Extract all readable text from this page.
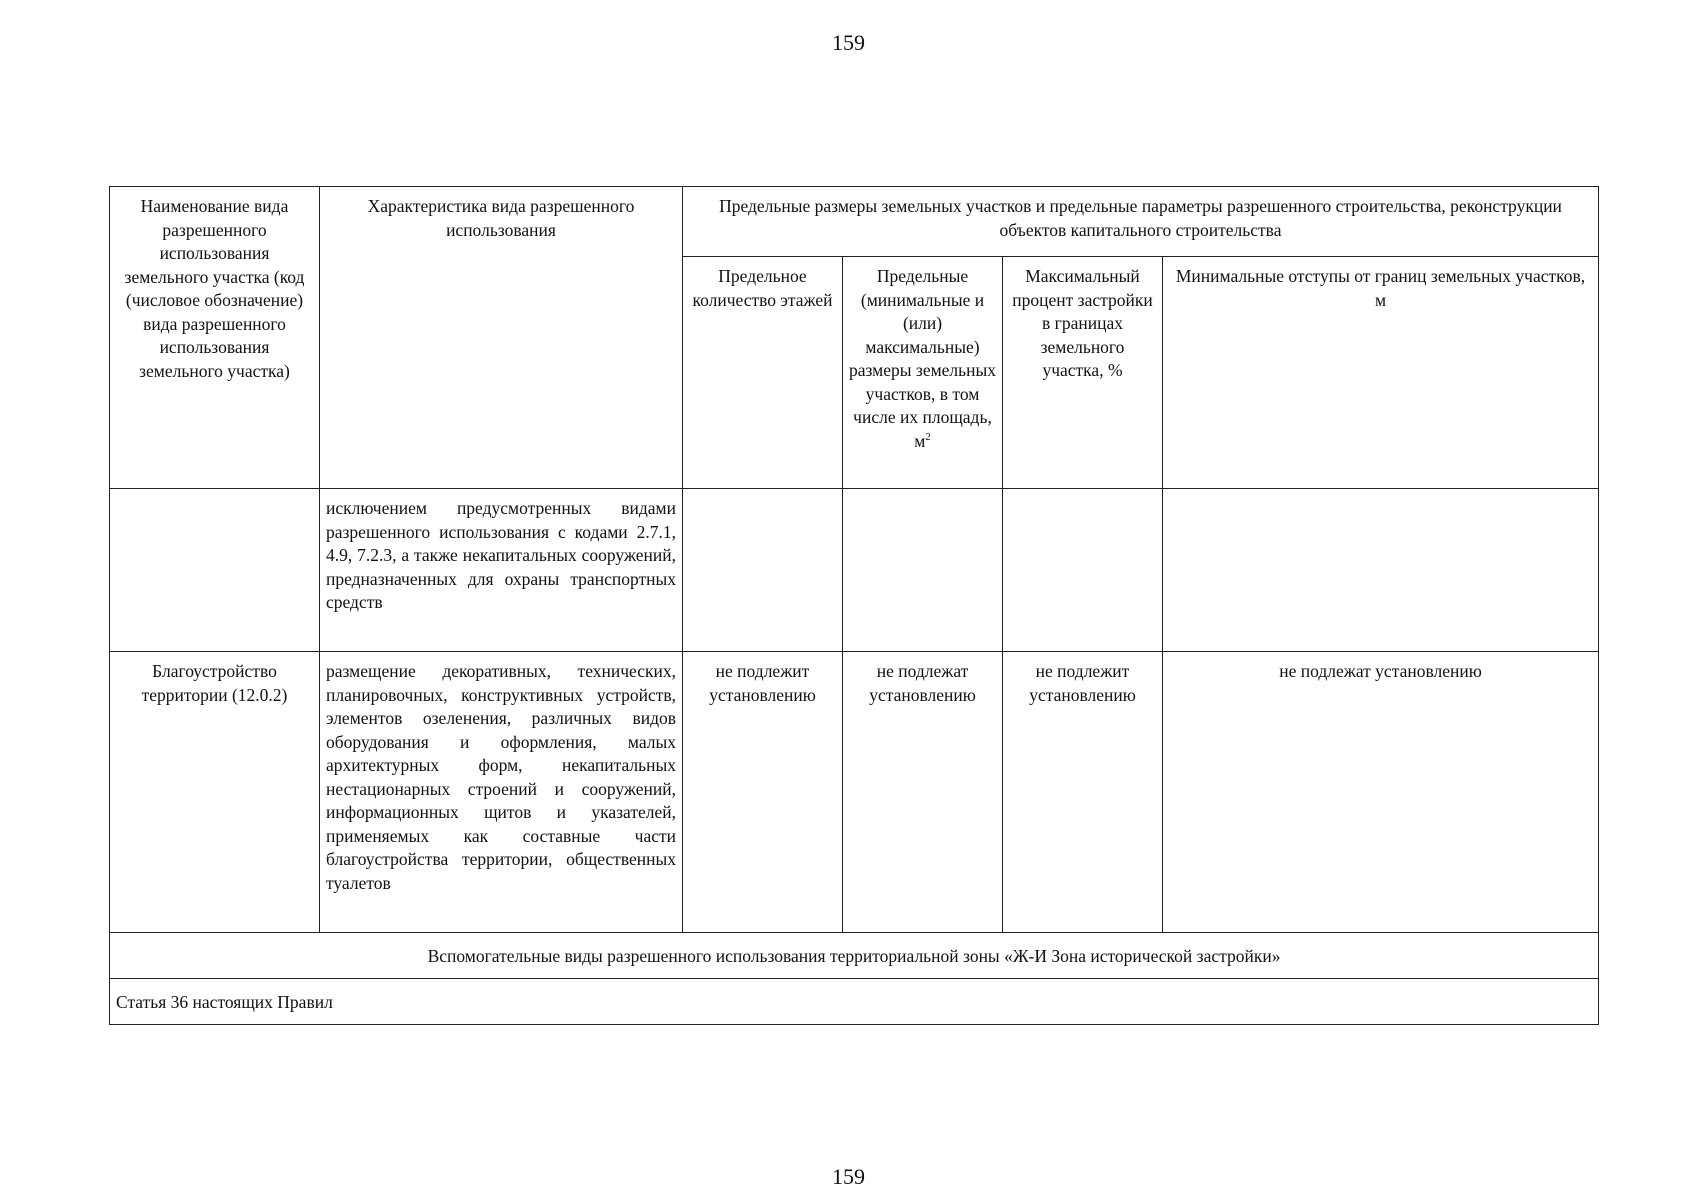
159
Наименование вида разрешенного использования земельного участка (код (числовое обозначение) вида разрешенного использования земельного участка)	Характеристика вида разрешенного использования	Предельные размеры земельных участков и предельные параметры разрешенного строительства, реконструкции объектов капитального строительства			
		Предельное количество этажей	Предельные (минимальные и (или) максимальные) размеры земельных участков, в том числе их площадь, $м^2$	Максимальный процент застройки в границах земельного участка, %	Минимальные отступы от границ земельных участков, м
	исключением предусмотренных видами разрешенного использования с кодами 2.7.1, 4.9, 7.2.3, а также некапитальных сооружений, предназначенных для охраны транспортных средств				
Благоустройство территории (12.0.2)	размещение декоративных, технических, планировочных, конструктивных устройств, элементов озеленения, различных видов оборудования и оформления, малых архитектурных форм, некапитальных нестационарных строений и сооружений, информационных щитов и указателей, применяемых как составные части благоустройства территории, общественных туалетов	не подлежит установлению	не подлежат установлению	не подлежит установлению	не подлежат установлению
Вспомогательные виды разрешенного использования территориальной зоны «Ж-И Зона исторической застройки»					
Статья 36 настоящих Правил					
159
